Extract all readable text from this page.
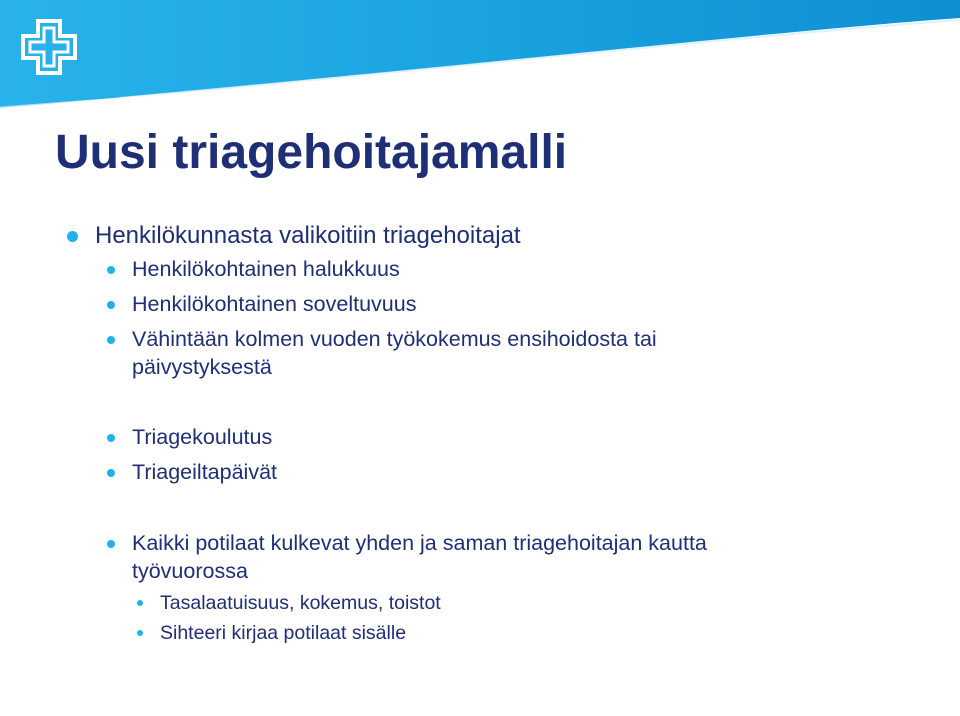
Uusi triagehoitajamalli
Henkilökunnasta valikoitiin triagehoitajat
Henkilökohtainen halukkuus
Henkilökohtainen soveltuvuus
Vähintään kolmen vuoden työkokemus ensihoidosta tai
päivystyksestä
Triagekoulutus
Triageiltapäivät
Kaikki potilaat kulkevat yhden ja saman triagehoitajan kautta
työvuorossa
Tasalaatuisuus, kokemus, toistot
Sihteeri kirjaa potilaat sisälle
